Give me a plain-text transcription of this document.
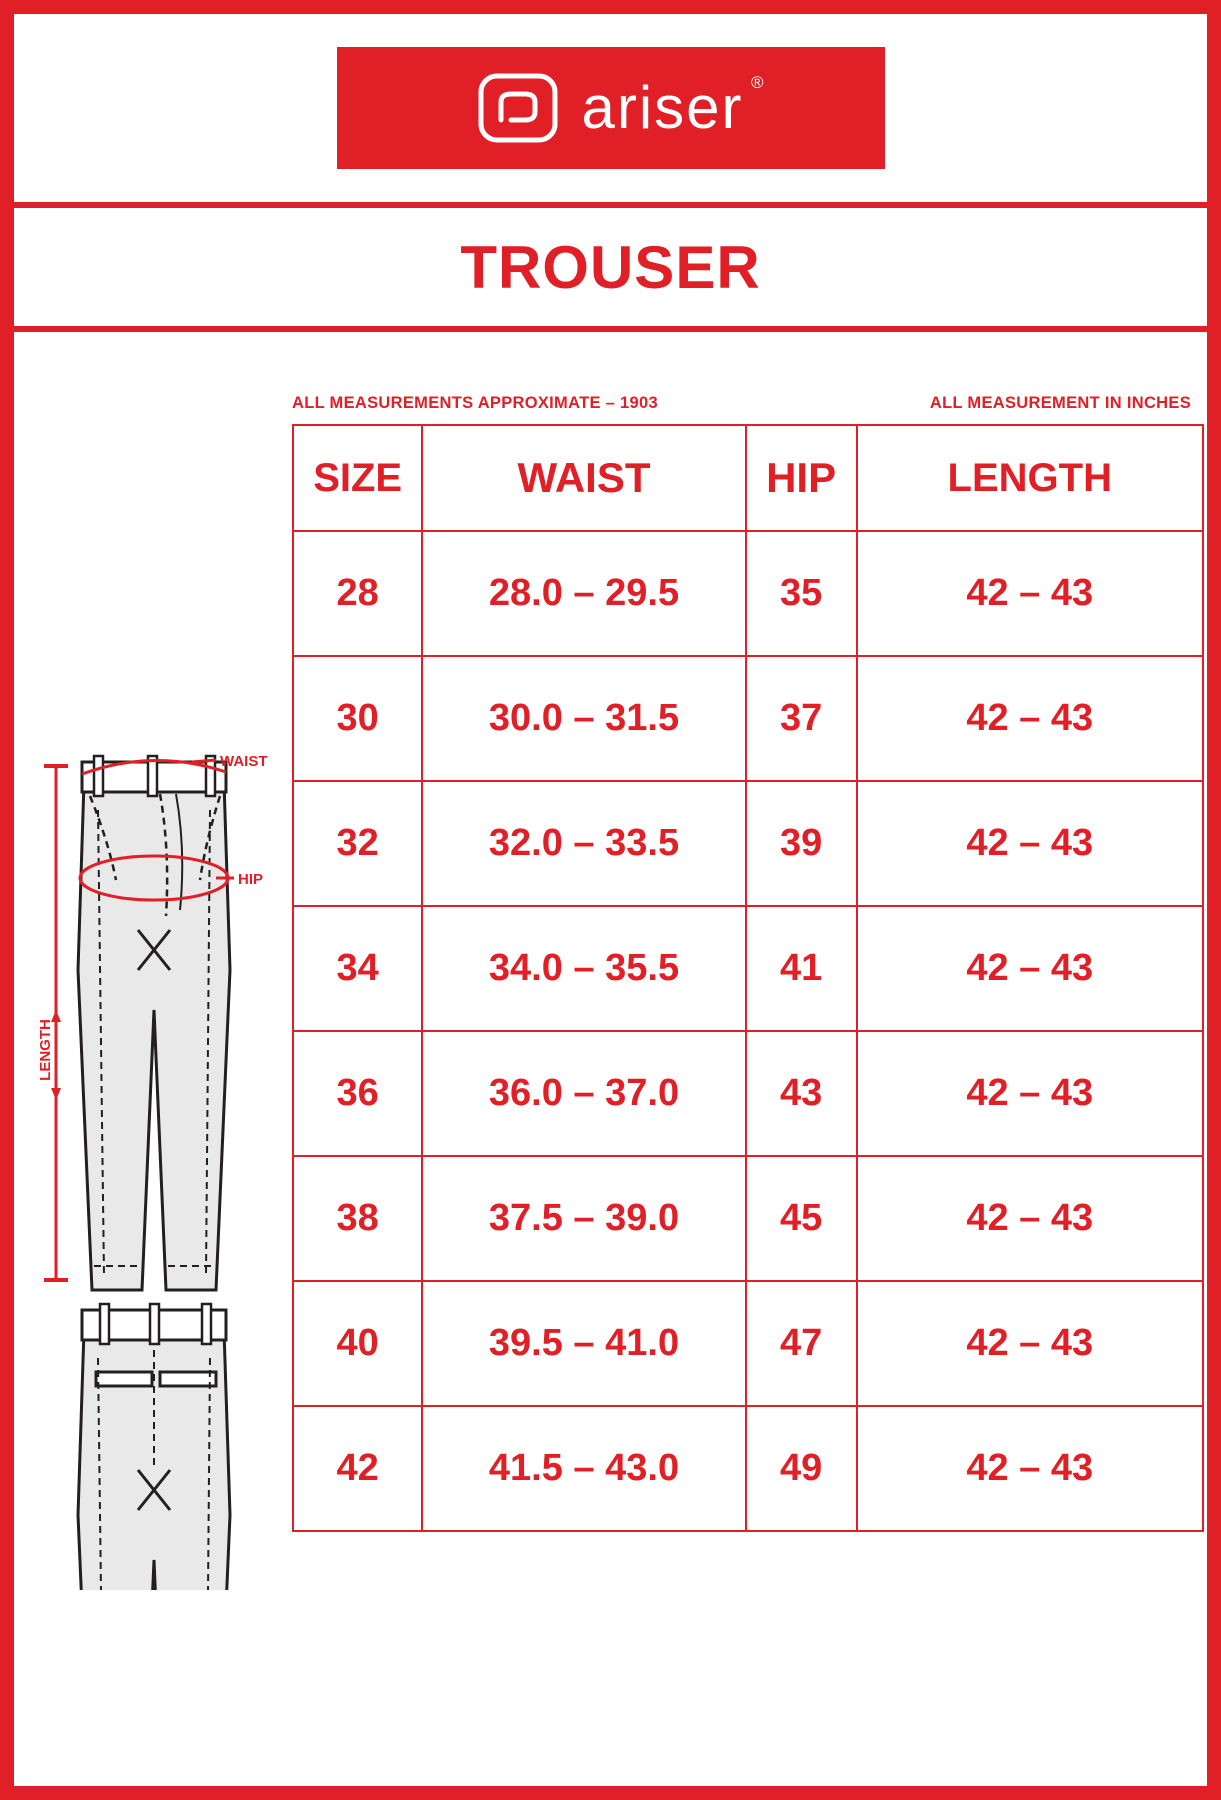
ariser ®
TROUSER
ALL MEASUREMENTS APPROXIMATE – 1903	ALL MEASUREMENT IN INCHES
WAIST
HIP
LENGTH
SIZE	WAIST	HIP	LENGTH
28	28.0 – 29.5	35	42 – 43
30	30.0 – 31.5	37	42 – 43
32	32.0 – 33.5	39	42 – 43
34	34.0 – 35.5	41	42 – 43
36	36.0 – 37.0	43	42 – 43
38	37.5 – 39.0	45	42 – 43
40	39.5 – 41.0	47	42 – 43
42	41.5 – 43.0	49	42 – 43
